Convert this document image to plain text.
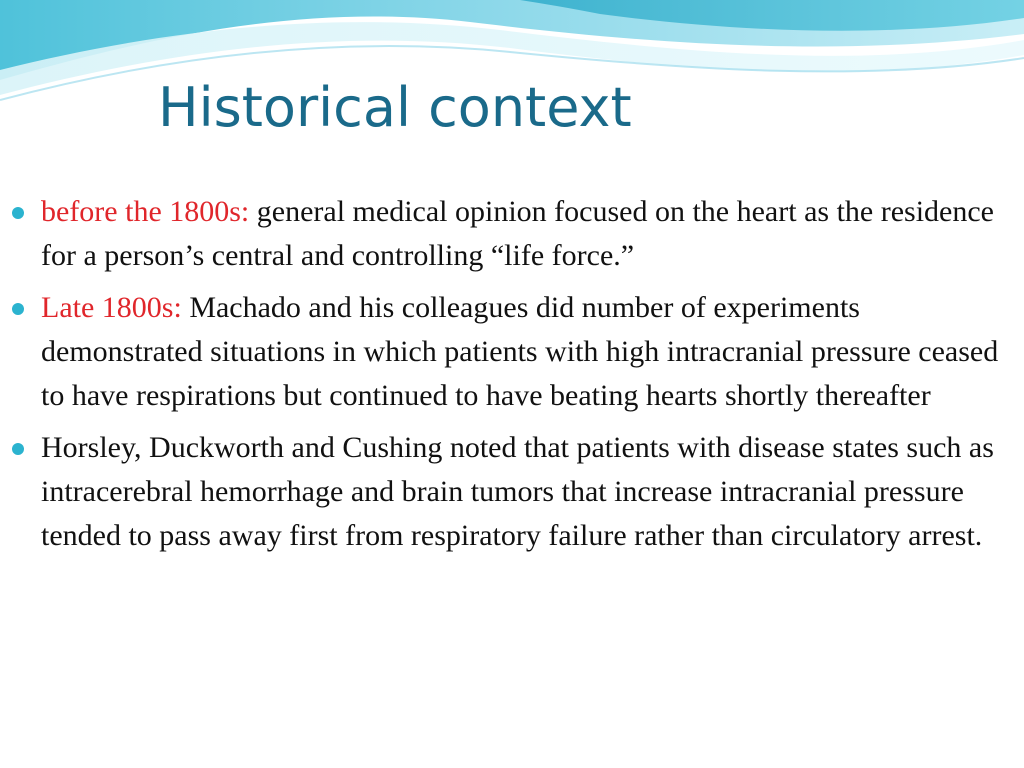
Historical context
before the 1800s: general medical opinion focused on the heart as the residence for a person’s central and controlling “life force.”
Late 1800s: Machado and his colleagues did number of experiments demonstrated situations in which patients with high intracranial pressure ceased to have respirations but continued to have beating hearts shortly thereafter
Horsley, Duckworth and Cushing noted that patients with disease states such as intracerebral hemorrhage and brain tumors that increase intracranial pressure tended to pass away first from respiratory failure rather than circulatory arrest.
